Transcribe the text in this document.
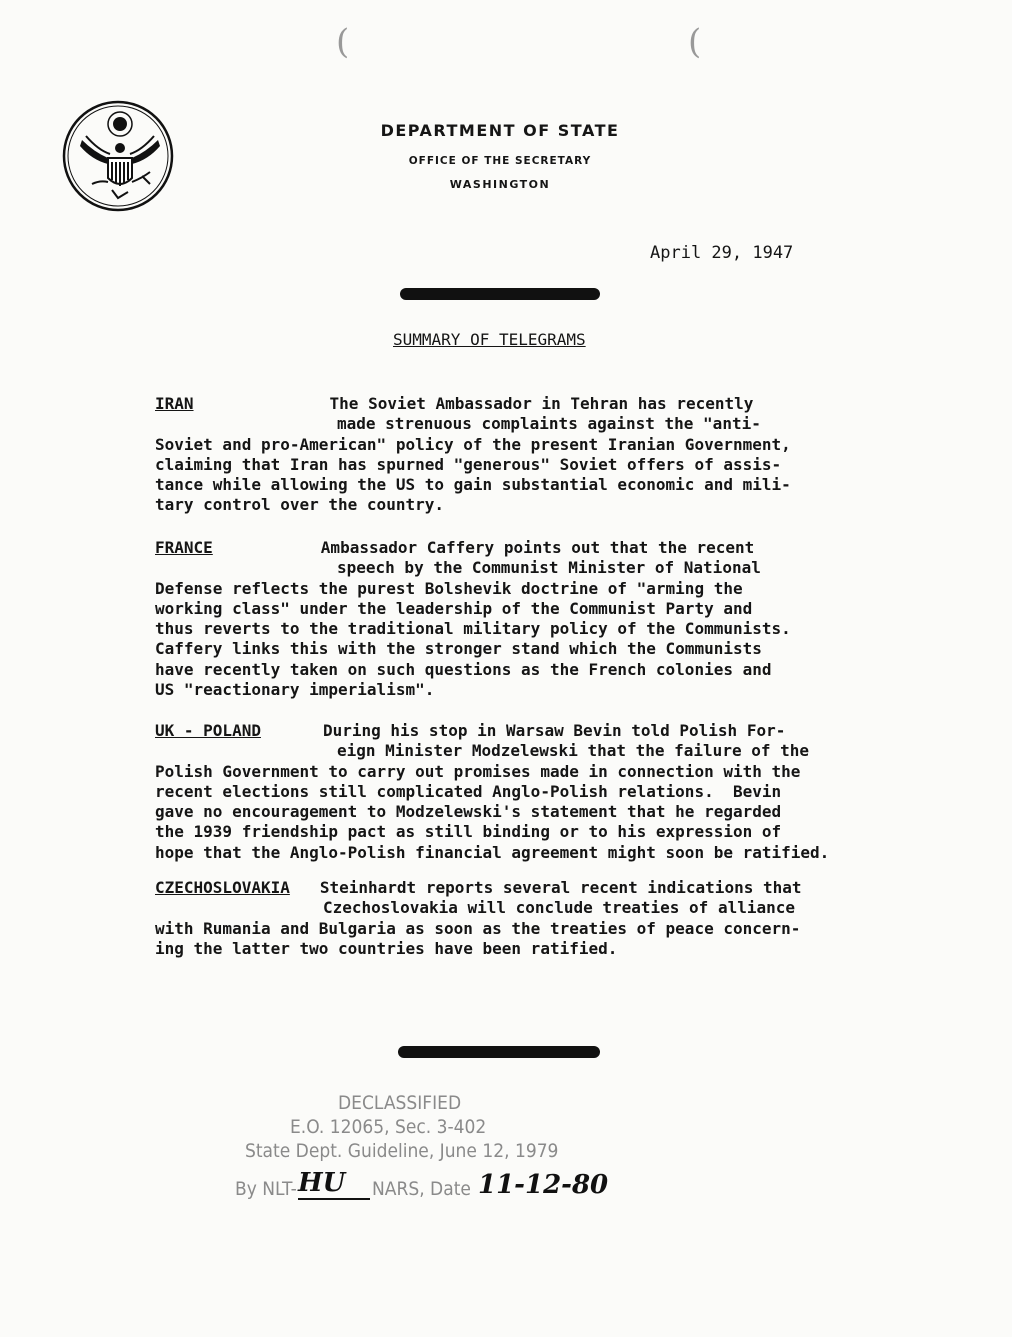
(	(
DEPARTMENT OF STATE
OFFICE OF THE SECRETARY
WASHINGTON
April 29, 1947
SUMMARY OF TELEGRAMS
IRAN	The Soviet Ambassador in Tehran has recently
made strenuous complaints against the "anti-
Soviet and pro-American" policy of the present Iranian Government,
claiming that Iran has spurned "generous" Soviet offers of assis-
tance while allowing the US to gain substantial economic and mili-
tary control over the country.
FRANCE	Ambassador Caffery points out that the recent
speech by the Communist Minister of National
Defense reflects the purest Bolshevik doctrine of "arming the
working class" under the leadership of the Communist Party and
thus reverts to the traditional military policy of the Communists.
Caffery links this with the stronger stand which the Communists
have recently taken on such questions as the French colonies and
US "reactionary imperialism".
UK - POLAND	During his stop in Warsaw Bevin told Polish For-
eign Minister Modzelewski that the failure of the
Polish Government to carry out promises made in connection with the
recent elections still complicated Anglo-Polish relations.  Bevin
gave no encouragement to Modzelewski's statement that he regarded
the 1939 friendship pact as still binding or to his expression of
hope that the Anglo-Polish financial agreement might soon be ratified.
CZECHOSLOVAKIA Steinhardt reports several recent indications that
Czechoslovakia will conclude treaties of alliance
with Rumania and Bulgaria as soon as the treaties of peace concern-
ing the latter two countries have been ratified.
DECLASSIFIED
E.O. 12065, Sec. 3-402
State Dept. Guideline, June 12, 1979
By NLT- HU NARS, Date 11-12-80
